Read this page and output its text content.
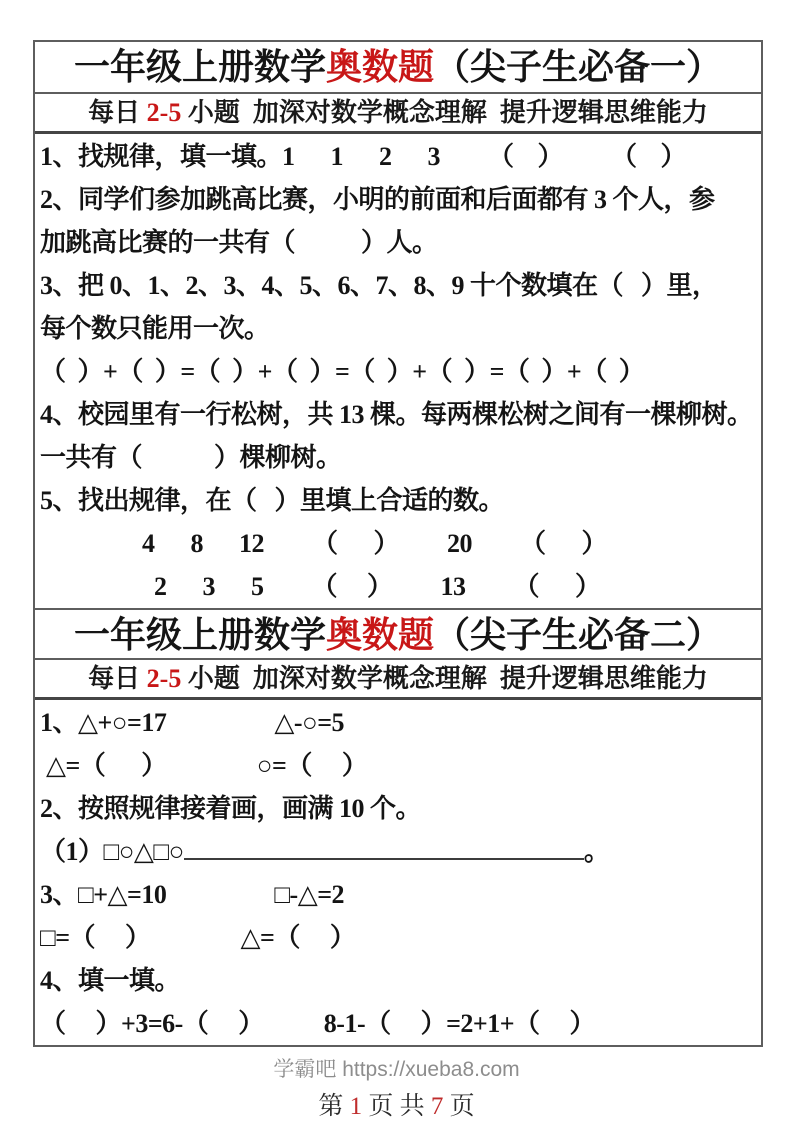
一年级上册数学奥数题（尖子生必备一）
每日 2-5 小题  加深对数学概念理解  提升逻辑思维能力
1、找规律，填一填。1      1      2      3        （    ）        （    ）
2、同学们参加跳高比赛，小明的前面和后面都有 3 个人，参
加跳高比赛的一共有（           ）人。
3、把 0、1、2、3、4、5、6、7、8、9 十个数填在（   ）里，
每个数只能用一次。
（  ）+（  ）=（  ）+（  ）=（  ）+（  ）=（  ）+（  ）
4、校园里有一行松树，共 13 棵。每两棵松树之间有一棵柳树。
一共有（            ）棵柳树。
5、找出规律，在（   ）里填上合适的数。
4      8      12        （      ）        20        （      ）
2      3      5        （     ）        13        （      ）
一年级上册数学奥数题（尖子生必备二）
每日 2-5 小题  加深对数学概念理解  提升逻辑思维能力
1、△+○=17                  △-○=5
△=（      ）               ○=（     ）
2、按照规律接着画，画满 10 个。
（1）□○△□○	。
3、□+△=10                  □-△=2
□=（     ）               △=（     ）
4、填一填。
（     ）+3=6-（     ）          8-1-（     ）=2+1+（     ）
学霸吧 https://xueba8.com
第 1 页 共 7 页
